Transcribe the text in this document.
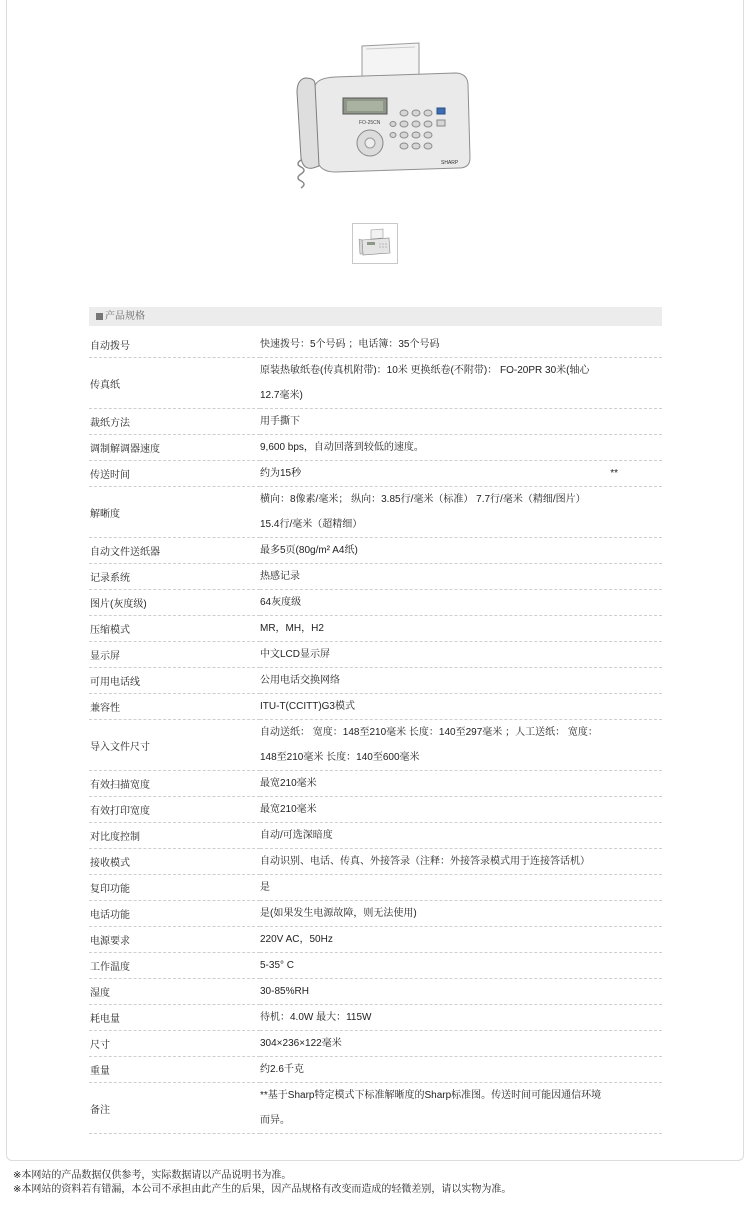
FO-25CN
SHARP
产品规格
自动拨号	快速拨号：5个号码 ；电话簿：35个号码
传真纸	原装热敏纸卷(传真机附带)：10米 更换纸卷(不附带)： FO-20PR 30米(轴心12.7毫米)
裁纸方法	用手撕下
调制解调器速度	9,600 bps，自动回落到较低的速度。
传送时间	约为15秒 **

解晰度	横向：8像素/毫米； 纵向：3.85行/毫米（标准） 7.7行/毫米（精细/图片） 15.4行/毫米（超精细）
自动文件送纸器	最多5页(80g/m² A4纸)
记录系统	热感记录
图片(灰度级)	64灰度级
压缩模式	MR，MH，H2
显示屏	中文LCD显示屏
可用电话线	公用电话交换网络
兼容性	ITU-T(CCITT)G3模式
导入文件尺寸	自动送纸： 宽度：148至210毫米 长度：140至297毫米 ；人工送纸： 宽度：148至210毫米 长度：140至600毫米
有效扫描宽度	最宽210毫米
有效打印宽度	最宽210毫米
对比度控制	自动/可选深暗度
接收模式	自动识别、电话、传真、外接答录（注释：外接答录模式用于连接答话机）
复印功能	是
电话功能	是(如果发生电源故障，则无法使用)
电源要求	220V AC，50Hz
工作温度	5-35° C
湿度	30-85%RH
耗电量	待机：4.0W 最大：115W
尺寸	304×236×122毫米
重量	约2.6千克
备注	**基于Sharp特定模式下标准解晰度的Sharp标准图。传送时间可能因通信环境而异。
※本网站的产品数据仅供参考，实际数据请以产品说明书为准。
※本网站的资料若有错漏，本公司不承担由此产生的后果，因产品规格有改变而造成的轻微差别，请以实物为准。
